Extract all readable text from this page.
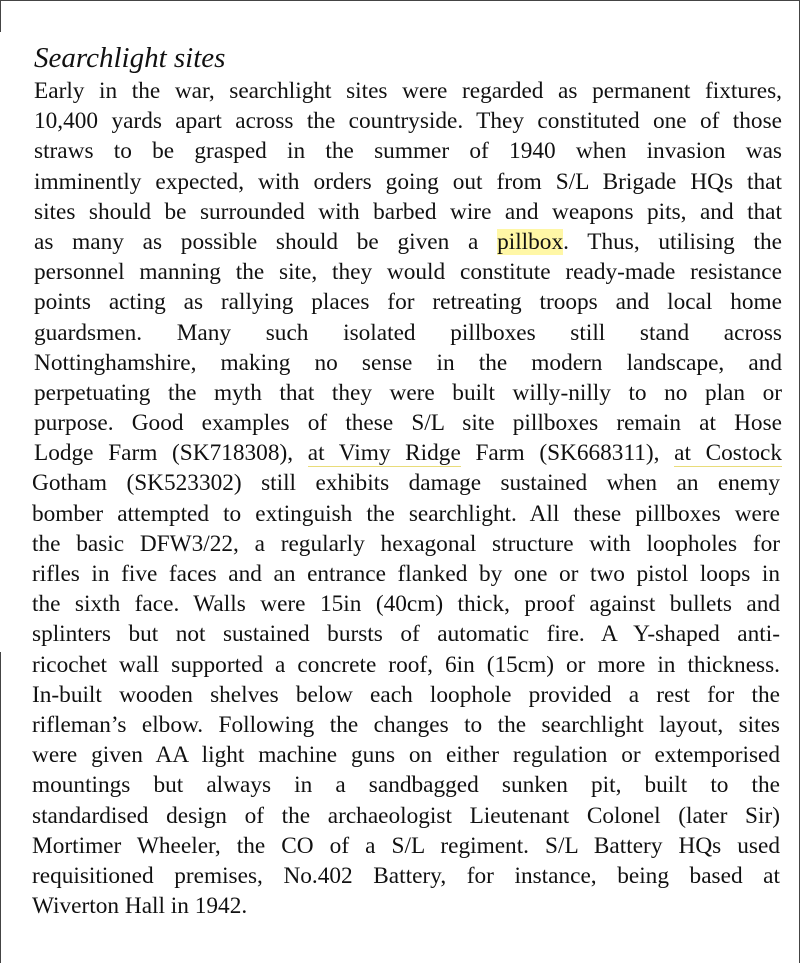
Searchlight sites
Early in the war, searchlight sites were regarded as permanent fixtures,
10,400 yards apart across the countryside. They constituted one of those
straws to be grasped in the summer of 1940 when invasion was
imminently expected, with orders going out from S/L Brigade HQs that
sites should be surrounded with barbed wire and weapons pits, and that
as many as possible should be given a pillbox. Thus, utilising the
personnel manning the site, they would constitute ready-made resistance
points acting as rallying places for retreating troops and local home
guardsmen. Many such isolated pillboxes still stand across
Nottinghamshire, making no sense in the modern landscape, and
perpetuating the myth that they were built willy-nilly to no plan or
purpose. Good examples of these S/L site pillboxes remain at Hose
Lodge Farm (SK718308), at Vimy Ridge Farm (SK668311), at Costock
Gotham (SK523302) still exhibits damage sustained when an enemy
bomber attempted to extinguish the searchlight. All these pillboxes were
the basic DFW3/22, a regularly hexagonal structure with loopholes for
rifles in five faces and an entrance flanked by one or two pistol loops in
the sixth face. Walls were 15in (40cm) thick, proof against bullets and
splinters but not sustained bursts of automatic fire. A Y-shaped anti-
ricochet wall supported a concrete roof, 6in (15cm) or more in thickness.
In-built wooden shelves below each loophole provided a rest for the
rifleman’s elbow. Following the changes to the searchlight layout, sites
were given AA light machine guns on either regulation or extemporised
mountings but always in a sandbagged sunken pit, built to the
standardised design of the archaeologist Lieutenant Colonel (later Sir)
Mortimer Wheeler, the CO of a S/L regiment. S/L Battery HQs used
requisitioned premises, No.402 Battery, for instance, being based at
Wiverton Hall in 1942.
